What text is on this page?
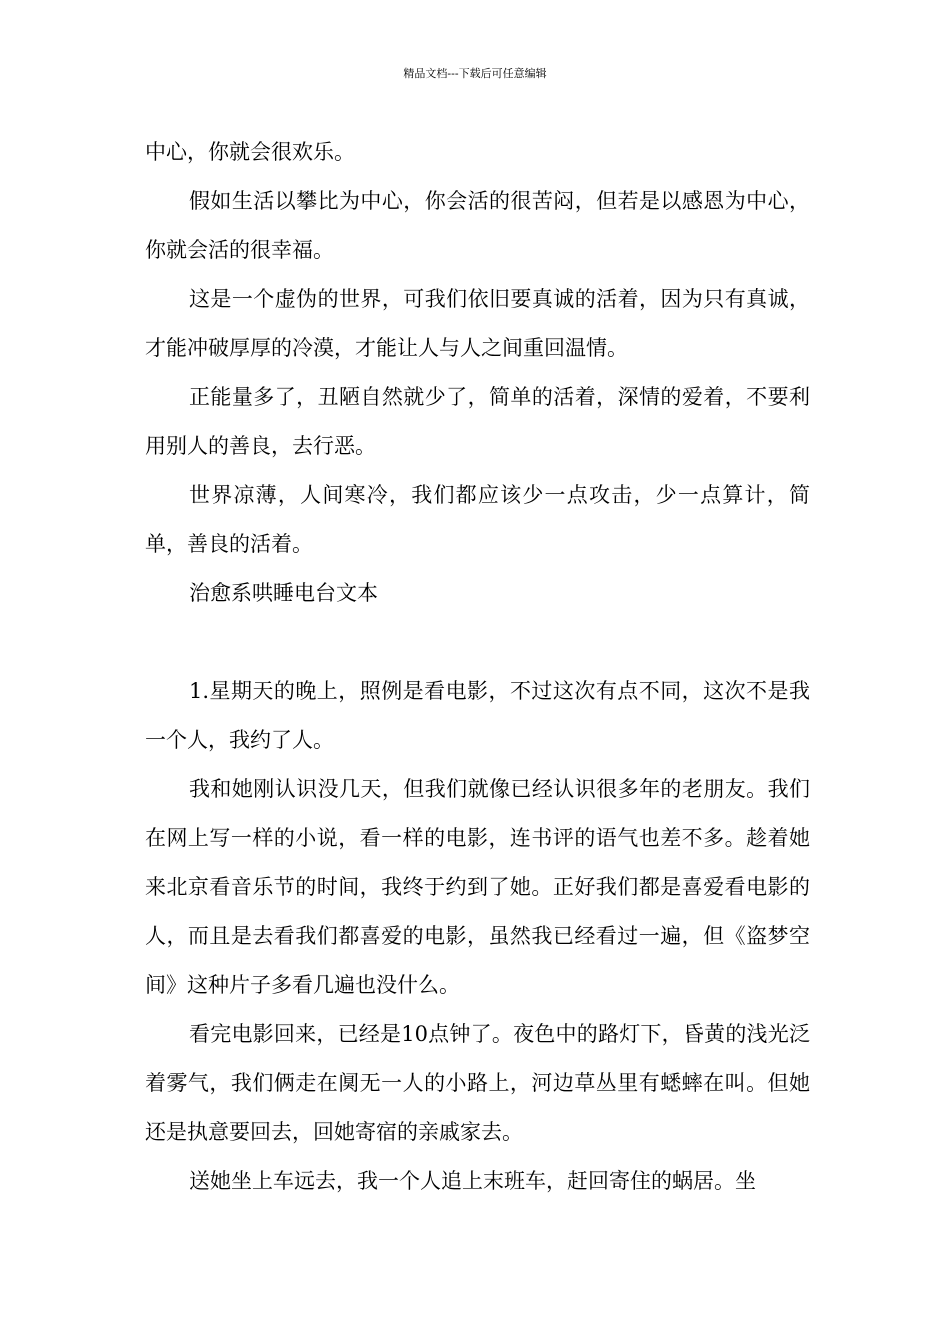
精品文档---下载后可任意编辑

中心，你就会很欢乐。

假如生活以攀比为中心，你会活的很苦闷，但若是以感恩为中心，你就会活的很幸福。

这是一个虚伪的世界，可我们依旧要真诚的活着，因为只有真诚，才能冲破厚厚的冷漠，才能让人与人之间重回温情。

正能量多了，丑陋自然就少了，简单的活着，深情的爱着，不要利用别人的善良，去行恶。

世界凉薄，人间寒冷，我们都应该少一点攻击，少一点算计，简单，善良的活着。

治愈系哄睡电台文本

1.星期天的晚上，照例是看电影，不过这次有点不同，这次不是我一个人，我约了人。

我和她刚认识没几天，但我们就像已经认识很多年的老朋友。我们在网上写一样的小说，看一样的电影，连书评的语气也差不多。趁着她来北京看音乐节的时间，我终于约到了她。正好我们都是喜爱看电影的人，而且是去看我们都喜爱的电影，虽然我已经看过一遍，但《盗梦空间》这种片子多看几遍也没什么。

看完电影回来，已经是10点钟了。夜色中的路灯下，昏黄的浅光泛着雾气，我们俩走在阒无一人的小路上，河边草丛里有蟋蟀在叫。但她还是执意要回去，回她寄宿的亲戚家去。

送她坐上车远去，我一个人追上末班车，赶回寄住的蜗居。坐
